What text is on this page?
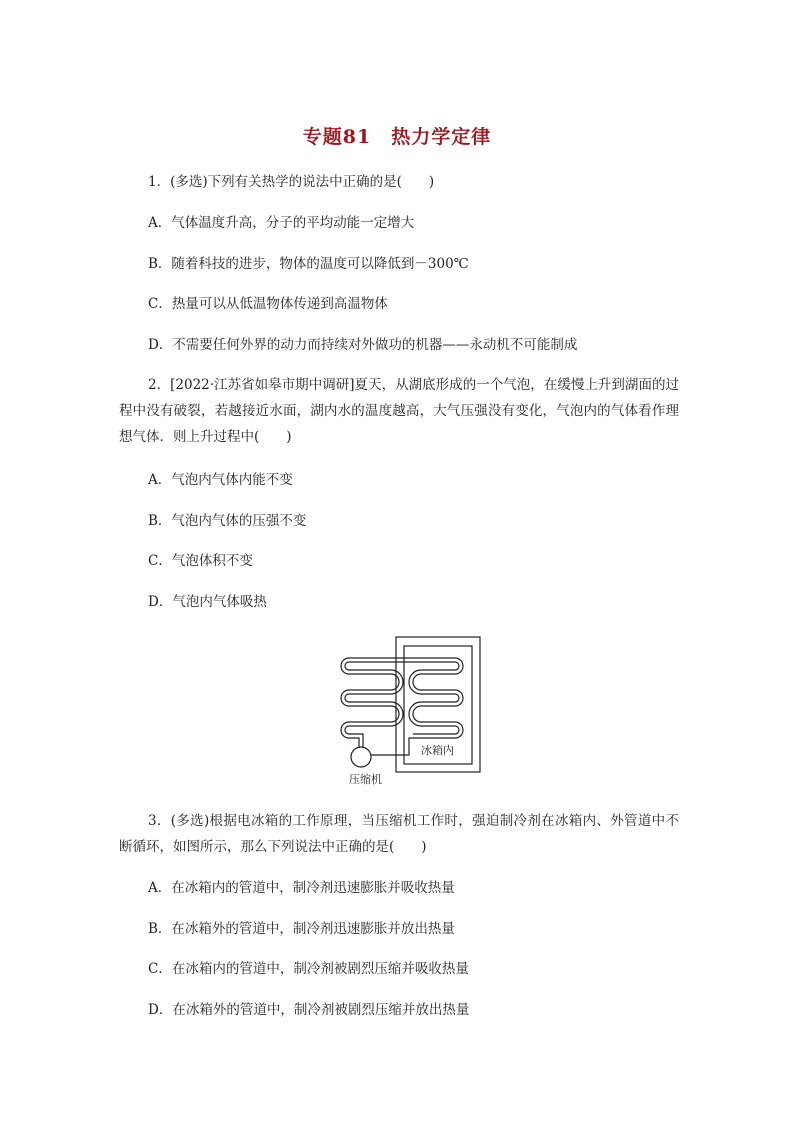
专题81　热力学定律
1．(多选)下列有关热学的说法中正确的是(　　)
A．气体温度升高，分子的平均动能一定增大
B．随着科技的进步，物体的温度可以降低到－300℃
C．热量可以从低温物体传递到高温物体
D．不需要任何外界的动力而持续对外做功的机器——永动机不可能制成
2．[2022·江苏省如皋市期中调研]夏天，从湖底形成的一个气泡，在缓慢上升到湖面的过程中没有破裂，若越接近水面，湖内水的温度越高，大气压强没有变化，气泡内的气体看作理想气体．则上升过程中(　　)
A．气泡内气体内能不变
B．气泡内气体的压强不变
C．气泡体积不变
D．气泡内气体吸热
冰箱内
压缩机
3．(多选)根据电冰箱的工作原理，当压缩机工作时，强迫制冷剂在冰箱内、外管道中不断循环，如图所示，那么下列说法中正确的是(　　)
A．在冰箱内的管道中，制冷剂迅速膨胀并吸收热量
B．在冰箱外的管道中，制冷剂迅速膨胀并放出热量
C．在冰箱内的管道中，制冷剂被剧烈压缩并吸收热量
D．在冰箱外的管道中，制冷剂被剧烈压缩并放出热量
